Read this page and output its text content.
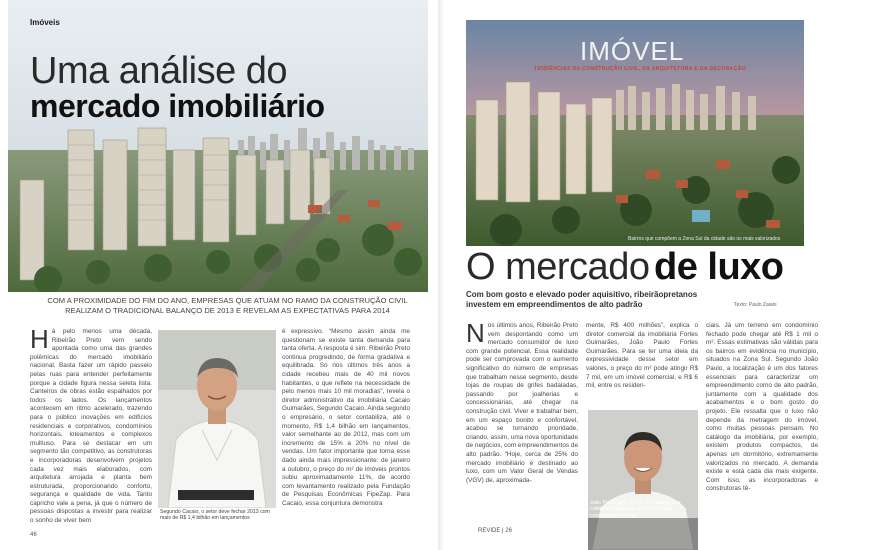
Imóveis
Uma análise do
mercado imobiliário
COM A PROXIMIDADE DO FIM DO ANO, EMPRESAS QUE ATUAM NO RAMO DA CONSTRUÇÃO CIVIL REALIZAM O TRADICIONAL BALANÇO DE 2013 E REVELAM AS EXPECTATIVAS PARA 2014
Há pelo menos uma década, Ribeirão Preto vem sendo apontada como uma das grandes polêmicas do mercado imobiliário nacional. Basta fazer um rápido passeio pelas ruas para entender perfeitamente porque a cidade figura nessa seleta lista. Canteiros de obras estão espalhados por todos os lados. Os lançamentos acontecem em ritmo acelerado, trazendo para o público inovações em edifícios residenciais e corporativos, condomínios horizontais, loteamentos e complexos multiuso. Para se destacar em um segmento tão competitivo, as construtoras e incorporadoras desenvolvem projetos cada vez mais elaborados, com arquitetura arrojada e planta bem estruturada, proporcionando conforto, segurança e qualidade de vida. Tanto capricho vale a pena, já que o número de pessoas dispostas a investir para realizar o sonho de viver bem
Segundo Cacaio, o setor deve fechar 2013 com mais de R$ 1,4 bilhão em lançamentos
é expressivo. “Mesmo assim ainda me questionam se existe tanta demanda para tanta oferta. A resposta é sim. Ribeirão Preto continua progredindo, de forma gradativa e equilibrada. Só nos últimos três anos a cidade recebeu mais de 40 mil novos habitantes, o que reflete na necessidade de pelo menos mais 10 mil moradias”, revela o diretor administrativo da imobiliária Cacaio Guimarães, Segundo Cacaio. Ainda segundo o empresário, o setor contabiliza, até o momento, R$ 1,4 bilhão em lançamentos, valor semelhante ao de 2012, mas com um incremento de 15% a 20% no nível de vendas. Um fator importante que torna esse dado ainda mais impressionante: de janeiro a outubro, o preço do m² de imóveis prontos subiu aproximadamente 11%, de acordo com levantamento realizado pela Fundação de Pesquisas Econômicas FipeZap. Para Cacaio, essa conjuntura demonstra
46
IMÓVEL
TENDÊNCIAS DA CONSTRUÇÃO CIVIL, DA ARQUITETURA E DA DECORAÇÃO
Bairros que compõem a Zona Sul da cidade são os mais valorizados
O mercado de luxo
Com bom gosto e elevado poder aquisitivo, ribeirãopretanos investem em empreendimentos de alto padrão	Texto: Paulo Zaiani
Nos últimos anos, Ribeirão Preto vem despontando como um mercado consumidor de luxo com grande potencial. Essa realidade pode ser comprovada com o aumento significativo do número de empresas que trabalham nesse segmento, desde lojas de roupas de grifes badaladas, passando por joalherias e concessionárias, até chegar na construção civil. Viver e trabalhar bem, em um espaço bonito e confortável, acabou se tornando prioridade, criando, assim, uma nova oportunidade de negócios, com empreendimentos de alto padrão. “Hoje, cerca de 25% do mercado imobiliário é destinado ao luxo, com um Valor Geral de Vendas (VGV) de, aproximada-
mente, R$ 400 milhões”, explica o diretor comercial da imobiliária Fortes Guimarães, João Paulo Fortes Guimarães. Para se ter uma ideia da expressividade desse setor em valores, o preço do m² pode atingir R$ 7 mil, em um imóvel comercial, e R$ 6 mil, entre os residen-
João Paulo lista alguns dos fatores que colaboram para que um imóvel seja considerado de luxo
ciais. Já um terreno em condomínio fechado pode chegar até R$ 1 mil o m². Essas estimativas são válidas para os bairros em evidência no município, situados na Zona Sul. Segundo João Paulo, a localização é um dos fatores essenciais para caracterizar um empreendimento como de alto padrão, juntamente com a qualidade dos acabamentos e o bom gosto do projeto. Ele ressalta que o luxo não depende da metragem do imóvel, como muitas pessoas pensam. No catálogo da imobiliária, por exemplo, existem produtos compactos, de apenas um dormitório, extremamente valorizados no mercado. A demanda existe e está cada dia mais exigente. Com isso, as incorporadoras e construtoras tê-
REVIDE | 26
